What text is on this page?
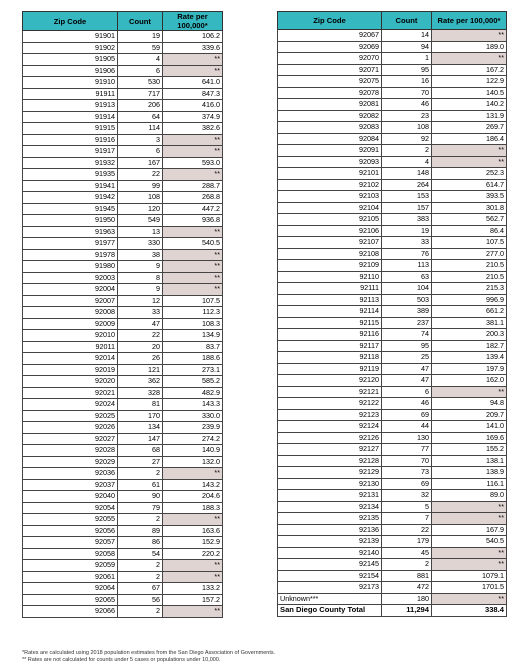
Zip Code	Count	Rate per 100,000*
91901	19	106.2
91902	59	339.6
91905	4	**
91906	6	**
91910	530	641.0
91911	717	847.3
91913	206	416.0
91914	64	374.9
91915	114	382.6
91916	3	**
91917	6	**
91932	167	593.0
91935	22	**
91941	99	288.7
91942	108	268.8
91945	120	447.2
91950	549	936.8
91963	13	**
91977	330	540.5
91978	38	**
91980	9	**
92003	8	**
92004	9	**
92007	12	107.5
92008	33	112.3
92009	47	108.3
92010	22	134.9
92011	20	83.7
92014	26	188.6
92019	121	273.1
92020	362	585.2
92021	328	482.9
92024	81	143.3
92025	170	330.0
92026	134	239.9
92027	147	274.2
92028	68	140.9
92029	27	132.0
92036	2	**
92037	61	143.2
92040	90	204.6
92054	79	188.3
92055	2	**
92056	89	163.6
92057	86	152.9
92058	54	220.2
92059	2	**
92061	2	**
92064	67	133.2
92065	56	157.2
92066	2	**
Zip Code	Count	Rate per 100,000*
92067	14	**
92069	94	189.0
92070	1	**
92071	95	167.2
92075	16	122.9
92078	70	140.5
92081	46	140.2
92082	23	131.9
92083	108	269.7
92084	92	186.4
92091	2	**
92093	4	**
92101	148	252.3
92102	264	614.7
92103	153	393.5
92104	157	301.8
92105	383	562.7
92106	19	86.4
92107	33	107.5
92108	76	277.0
92109	113	210.5
92110	63	210.5
92111	104	215.3
92113	503	996.9
92114	389	661.2
92115	237	381.1
92116	74	200.3
92117	95	182.7
92118	25	139.4
92119	47	197.9
92120	47	162.0
92121	6	**
92122	46	94.8
92123	69	209.7
92124	44	141.0
92126	130	169.6
92127	77	155.2
92128	70	138.1
92129	73	138.9
92130	69	116.1
92131	32	89.0
92134	5	**
92135	7	**
92136	22	167.9
92139	179	540.5
92140	45	**
92145	2	**
92154	881	1079.1
92173	472	1701.5
Unknown***	180	**
San Diego County Total	11,294	338.4

*Rates are calculated using 2018 population estimates from the San Diego Association of Governments.

** Rates are not calculated for counts under 5 cases or populations under 10,000.
